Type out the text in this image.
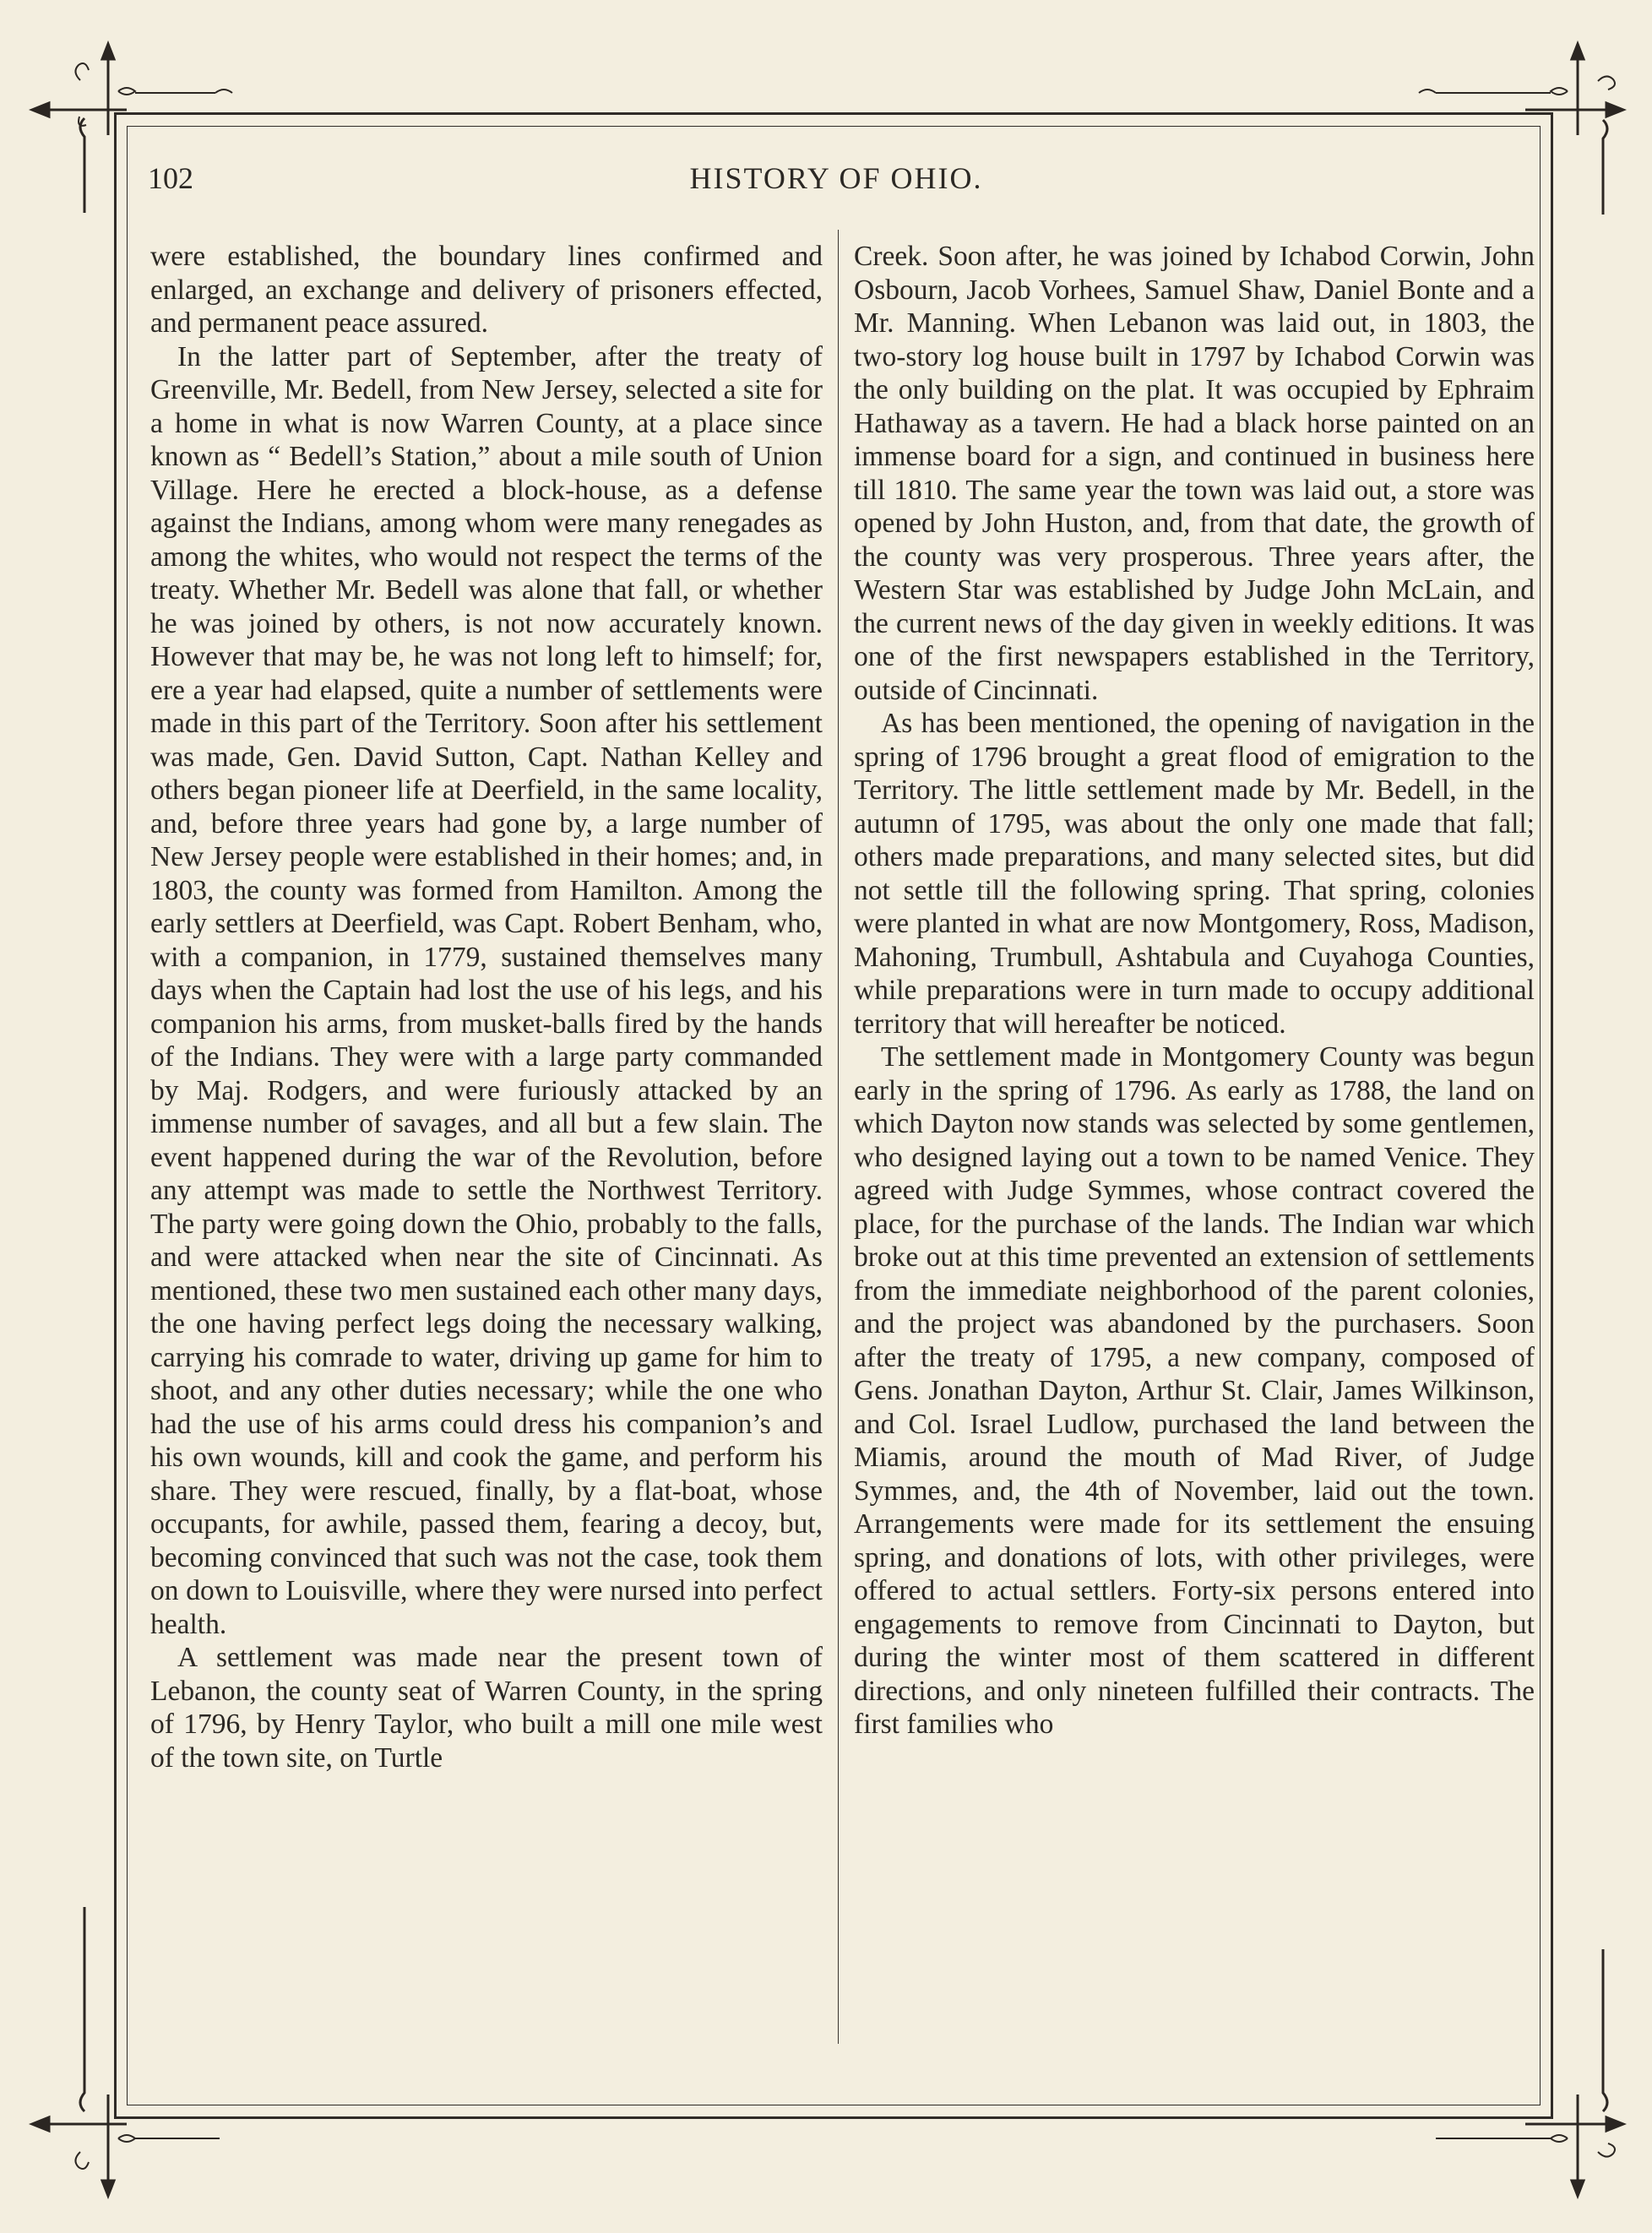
102	HISTORY OF OHIO.

were established, the boundary lines confirmed and enlarged, an exchange and delivery of prisoners effected, and permanent peace assured.

In the latter part of September, after the treaty of Greenville, Mr. Bedell, from New Jersey, selected a site for a home in what is now Warren County, at a place since known as “ Bedell’s Station,” about a mile south of Union Village. Here he erected a block-house, as a defense against the Indians, among whom were many renegades as among the whites, who would not respect the terms of the treaty. Whether Mr. Bedell was alone that fall, or whether he was joined by others, is not now accurately known. However that may be, he was not long left to himself; for, ere a year had elapsed, quite a number of settlements were made in this part of the Territory. Soon after his settlement was made, Gen. David Sutton, Capt. Nathan Kelley and others began pioneer life at Deerfield, in the same locality, and, before three years had gone by, a large number of New Jersey people were established in their homes; and, in 1803, the county was formed from Hamilton. Among the early settlers at Deerfield, was Capt. Robert Benham, who, with a companion, in 1779, sustained themselves many days when the Captain had lost the use of his legs, and his companion his arms, from musket-balls fired by the hands of the Indians. They were with a large party commanded by Maj. Rodgers, and were furiously attacked by an immense number of savages, and all but a few slain. The event happened during the war of the Revolution, before any attempt was made to settle the Northwest Territory. The party were going down the Ohio, probably to the falls, and were attacked when near the site of Cincinnati. As mentioned, these two men sustained each other many days, the one having perfect legs doing the necessary walking, carrying his comrade to water, driving up game for him to shoot, and any other duties necessary; while the one who had the use of his arms could dress his companion’s and his own wounds, kill and cook the game, and perform his share. They were rescued, finally, by a flat-boat, whose occupants, for awhile, passed them, fearing a decoy, but, becoming convinced that such was not the case, took them on down to Louisville, where they were nursed into perfect health.

A settlement was made near the present town of Lebanon, the county seat of Warren County, in the spring of 1796, by Henry Taylor, who built a mill one mile west of the town site, on Turtle

Creek. Soon after, he was joined by Ichabod Corwin, John Osbourn, Jacob Vorhees, Samuel Shaw, Daniel Bonte and a Mr. Manning. When Lebanon was laid out, in 1803, the two-story log house built in 1797 by Ichabod Corwin was the only building on the plat. It was occupied by Ephraim Hathaway as a tavern. He had a black horse painted on an immense board for a sign, and continued in business here till 1810. The same year the town was laid out, a store was opened by John Huston, and, from that date, the growth of the county was very prosperous. Three years after, the Western Star was established by Judge John McLain, and the current news of the day given in weekly editions. It was one of the first newspapers established in the Territory, outside of Cincinnati.

As has been mentioned, the opening of navigation in the spring of 1796 brought a great flood of emigration to the Territory. The little settlement made by Mr. Bedell, in the autumn of 1795, was about the only one made that fall; others made preparations, and many selected sites, but did not settle till the following spring. That spring, colonies were planted in what are now Montgomery, Ross, Madison, Mahoning, Trumbull, Ashtabula and Cuyahoga Counties, while preparations were in turn made to occupy additional territory that will hereafter be noticed.

The settlement made in Montgomery County was begun early in the spring of 1796. As early as 1788, the land on which Dayton now stands was selected by some gentlemen, who designed laying out a town to be named Venice. They agreed with Judge Symmes, whose contract covered the place, for the purchase of the lands. The Indian war which broke out at this time prevented an extension of settlements from the immediate neighborhood of the parent colonies, and the project was abandoned by the purchasers. Soon after the treaty of 1795, a new company, composed of Gens. Jonathan Dayton, Arthur St. Clair, James Wilkinson, and Col. Israel Ludlow, purchased the land between the Miamis, around the mouth of Mad River, of Judge Symmes, and, the 4th of November, laid out the town. Arrangements were made for its settlement the ensuing spring, and donations of lots, with other privileges, were offered to actual settlers. Forty-six persons entered into engagements to remove from Cincinnati to Dayton, but during the winter most of them scattered in different directions, and only nineteen fulfilled their contracts. The first families who
